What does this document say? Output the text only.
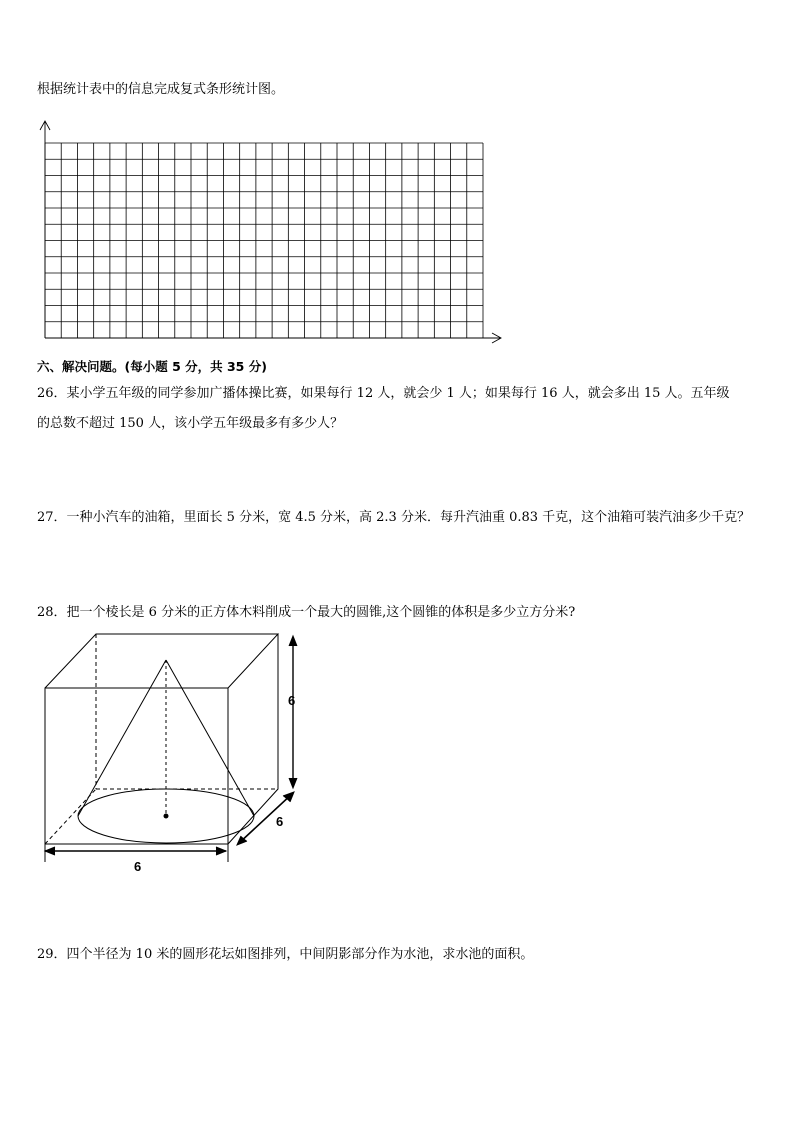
根据统计表中的信息完成复式条形统计图。
六、解决问题。(每小题 5 分，共 35 分)
26．某小学五年级的同学参加广播体操比赛，如果每行 12 人，就会少 1 人；如果每行 16 人，就会多出 15 人。五年级
的总数不超过 150 人，该小学五年级最多有多少人？
27．一种小汽车的油箱，里面长 5 分米，宽 4.5 分米，高 2.3 分米．每升汽油重 0.83 千克，这个油箱可装汽油多少千克？
28．把一个棱长是 6 分米的正方体木料削成一个最大的圆锥,这个圆锥的体积是多少立方分米?
6
6
6
29．四个半径为 10 米的圆形花坛如图排列，中间阴影部分作为水池，求水池的面积。
